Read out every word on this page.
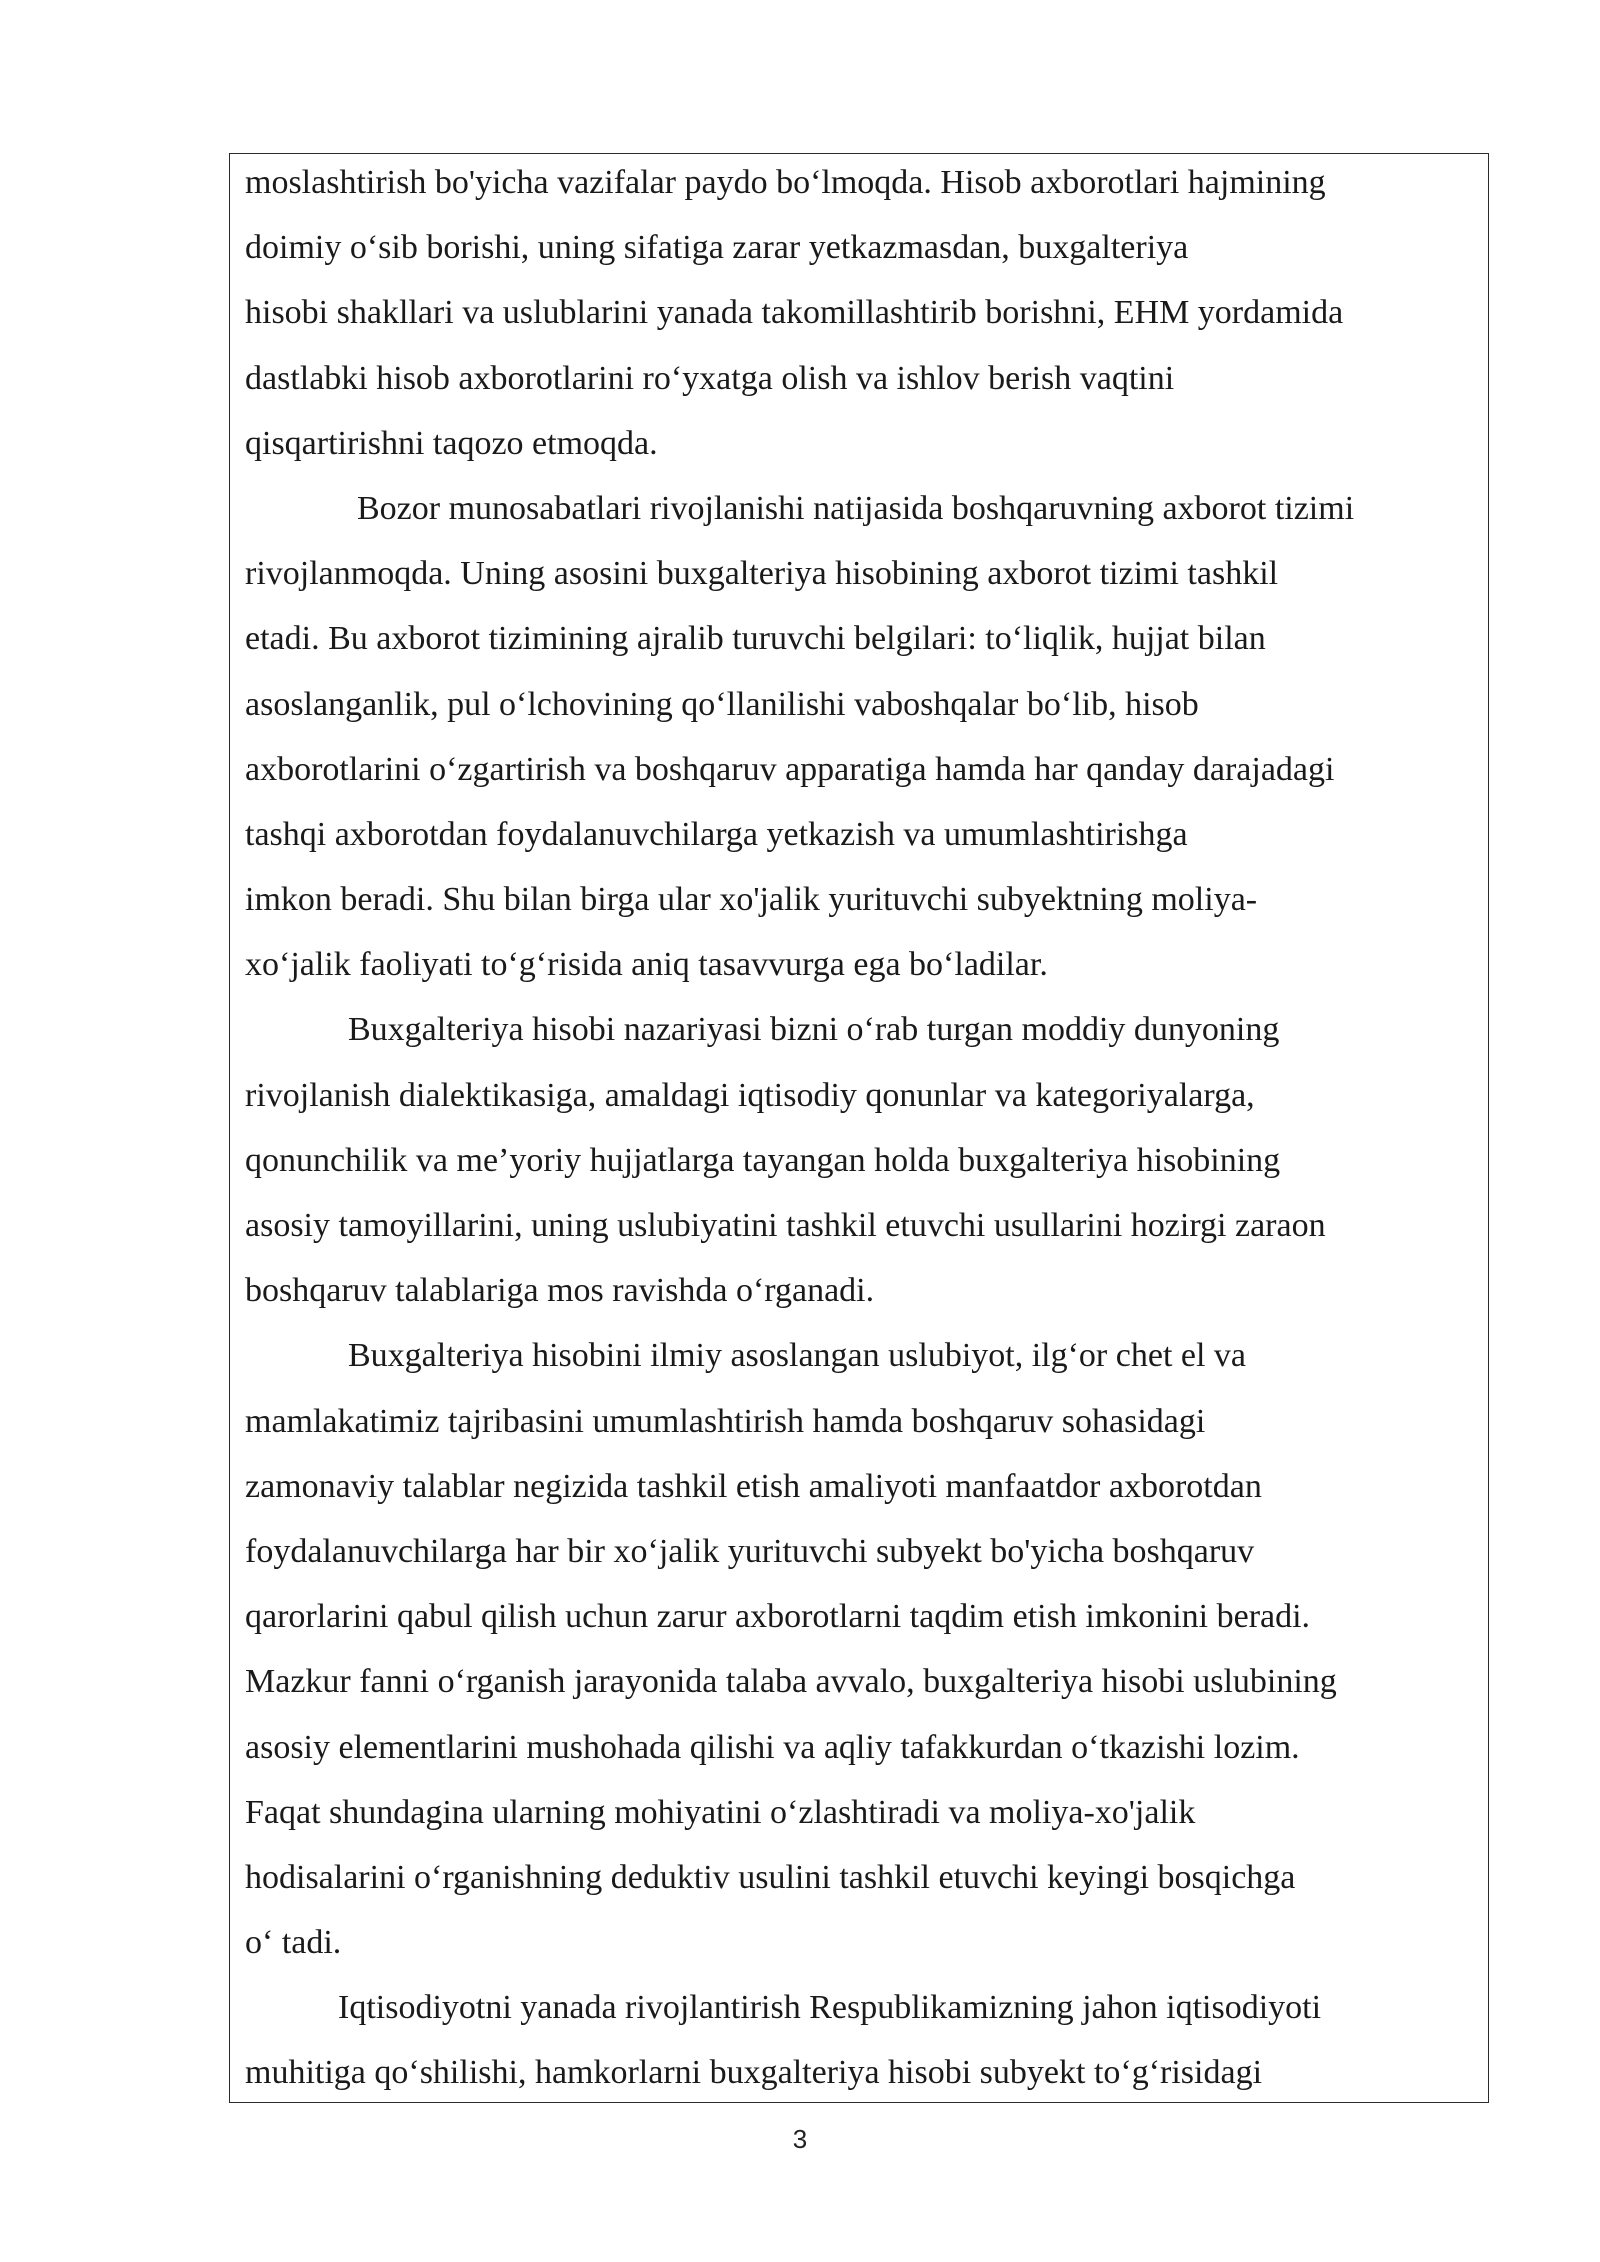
moslashtirish bo'yicha vazifalar paydo bo‘lmoqda. Hisob axborotlari hajmining
doimiy o‘sib borishi, uning sifatiga zarar yetkazmasdan, buxgalteriya
hisobi shakllari va uslublarini yanada takomillashtirib borishni, EHM yordamida
dastlabki hisob axborotlarini ro‘yxatga olish va ishlov berish vaqtini
qisqartirishni taqozo etmoqda.
Bozor munosabatlari rivojlanishi natijasida boshqaruvning axborot tizimi
rivojlanmoqda. Uning asosini buxgalteriya hisobining axborot tizimi tashkil
etadi. Bu axborot tizimining ajralib turuvchi belgilari: to‘liqlik, hujjat bilan
asoslanganlik, pul o‘lchovining qo‘llanilishi vaboshqalar bo‘lib, hisob
axborotlarini o‘zgartirish va boshqaruv apparatiga hamda har qanday darajadagi
tashqi axborotdan foydalanuvchilarga yetkazish va umumlashtirishga
imkon beradi. Shu bilan birga ular xo'jalik yurituvchi subyektning moliya-
xo‘jalik faoliyati to‘g‘risida aniq tasavvurga ega bo‘ladilar.
Buxgalteriya hisobi nazariyasi bizni o‘rab turgan moddiy dunyoning
rivojlanish dialektikasiga, amaldagi iqtisodiy qonunlar va kategoriyalarga,
qonunchilik va me’yoriy hujjatlarga tayangan holda buxgalteriya hisobining
asosiy tamoyillarini, uning uslubiyatini tashkil etuvchi usullarini hozirgi zaraon
boshqaruv talablariga mos ravishda o‘rganadi.
Buxgalteriya hisobini ilmiy asoslangan uslubiyot, ilg‘or chet el va
mamlakatimiz tajribasini umumlashtirish hamda boshqaruv sohasidagi
zamonaviy talablar negizida tashkil etish amaliyoti manfaatdor axborotdan
foydalanuvchilarga har bir xo‘jalik yurituvchi subyekt bo'yicha boshqaruv
qarorlarini qabul qilish uchun zarur axborotlarni taqdim etish imkonini beradi.
Mazkur fanni o‘rganish jarayonida talaba avvalo, buxgalteriya hisobi uslubining
asosiy elementlarini mushohada qilishi va aqliy tafakkurdan o‘tkazishi lozim.
Faqat shundagina ularning mohiyatini o‘zlashtiradi va moliya-xo'jalik
hodisalarini o‘rganishning deduktiv usulini tashkil etuvchi keyingi bosqichga
o‘ tadi.
Iqtisodiyotni yanada rivojlantirish Respublikamizning jahon iqtisodiyoti
muhitiga qo‘shilishi, hamkorlarni buxgalteriya hisobi subyekt to‘g‘risidagi
3
